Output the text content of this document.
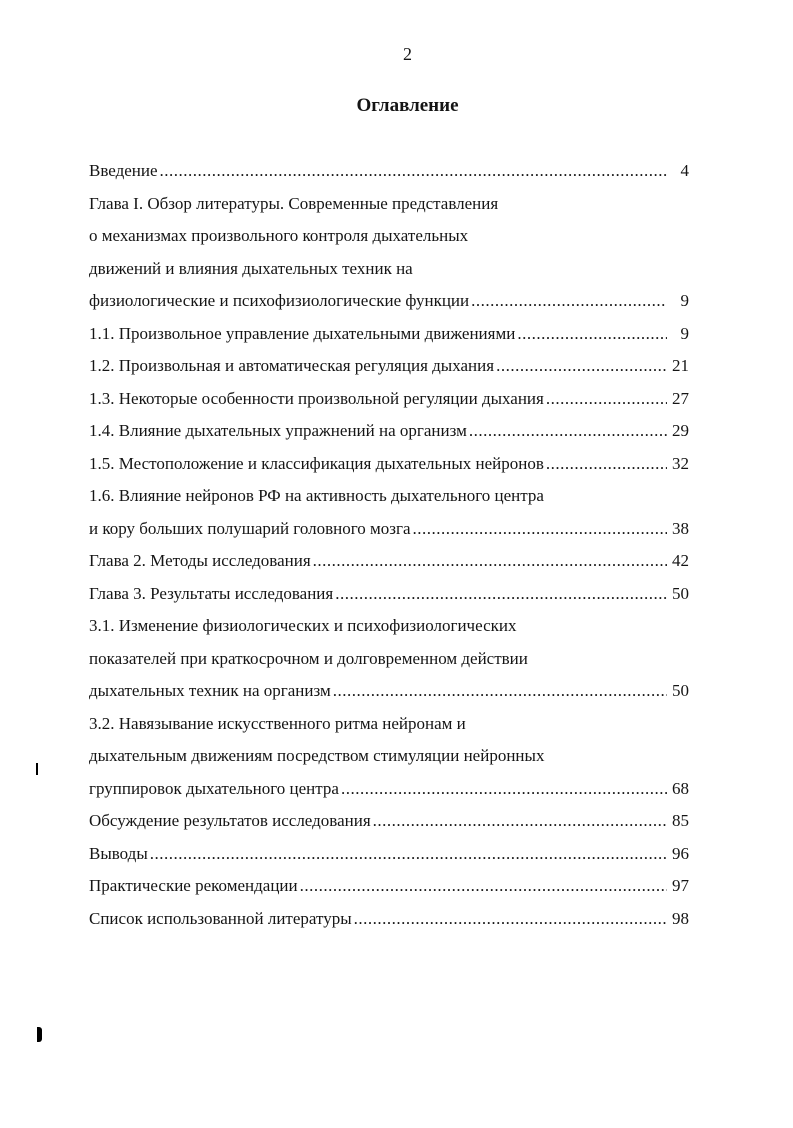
2
Оглавление
Введение .....	4
Глава I. Обзор литературы. Современные представления
о механизмах произвольного контроля дыхательных
движений и влияния дыхательных техник на
физиологические и психофизиологические функции .....	9
1.1. Произвольное управление дыхательными движениями .....	9
1.2. Произвольная и автоматическая регуляция дыхания .....	21
1.3. Некоторые особенности произвольной регуляции дыхания .....	27
1.4. Влияние дыхательных упражнений на организм .....	29
1.5. Местоположение и классификация дыхательных нейронов .....	32
1.6. Влияние нейронов РФ на активность дыхательного центра
и кору больших полушарий головного мозга .....	38
Глава 2. Методы исследования .....	42
Глава 3. Результаты исследования .....	50
3.1. Изменение физиологических и психофизиологических
показателей при краткосрочном и долговременном действии
дыхательных техник на организм .....	50
3.2. Навязывание искусственного ритма нейронам и
дыхательным движениям посредством стимуляции нейронных
группировок дыхательного центра .....	68
Обсуждение результатов исследования .....	85
Выводы .....	96
Практические рекомендации .....	97
Список использованной литературы .....	98
